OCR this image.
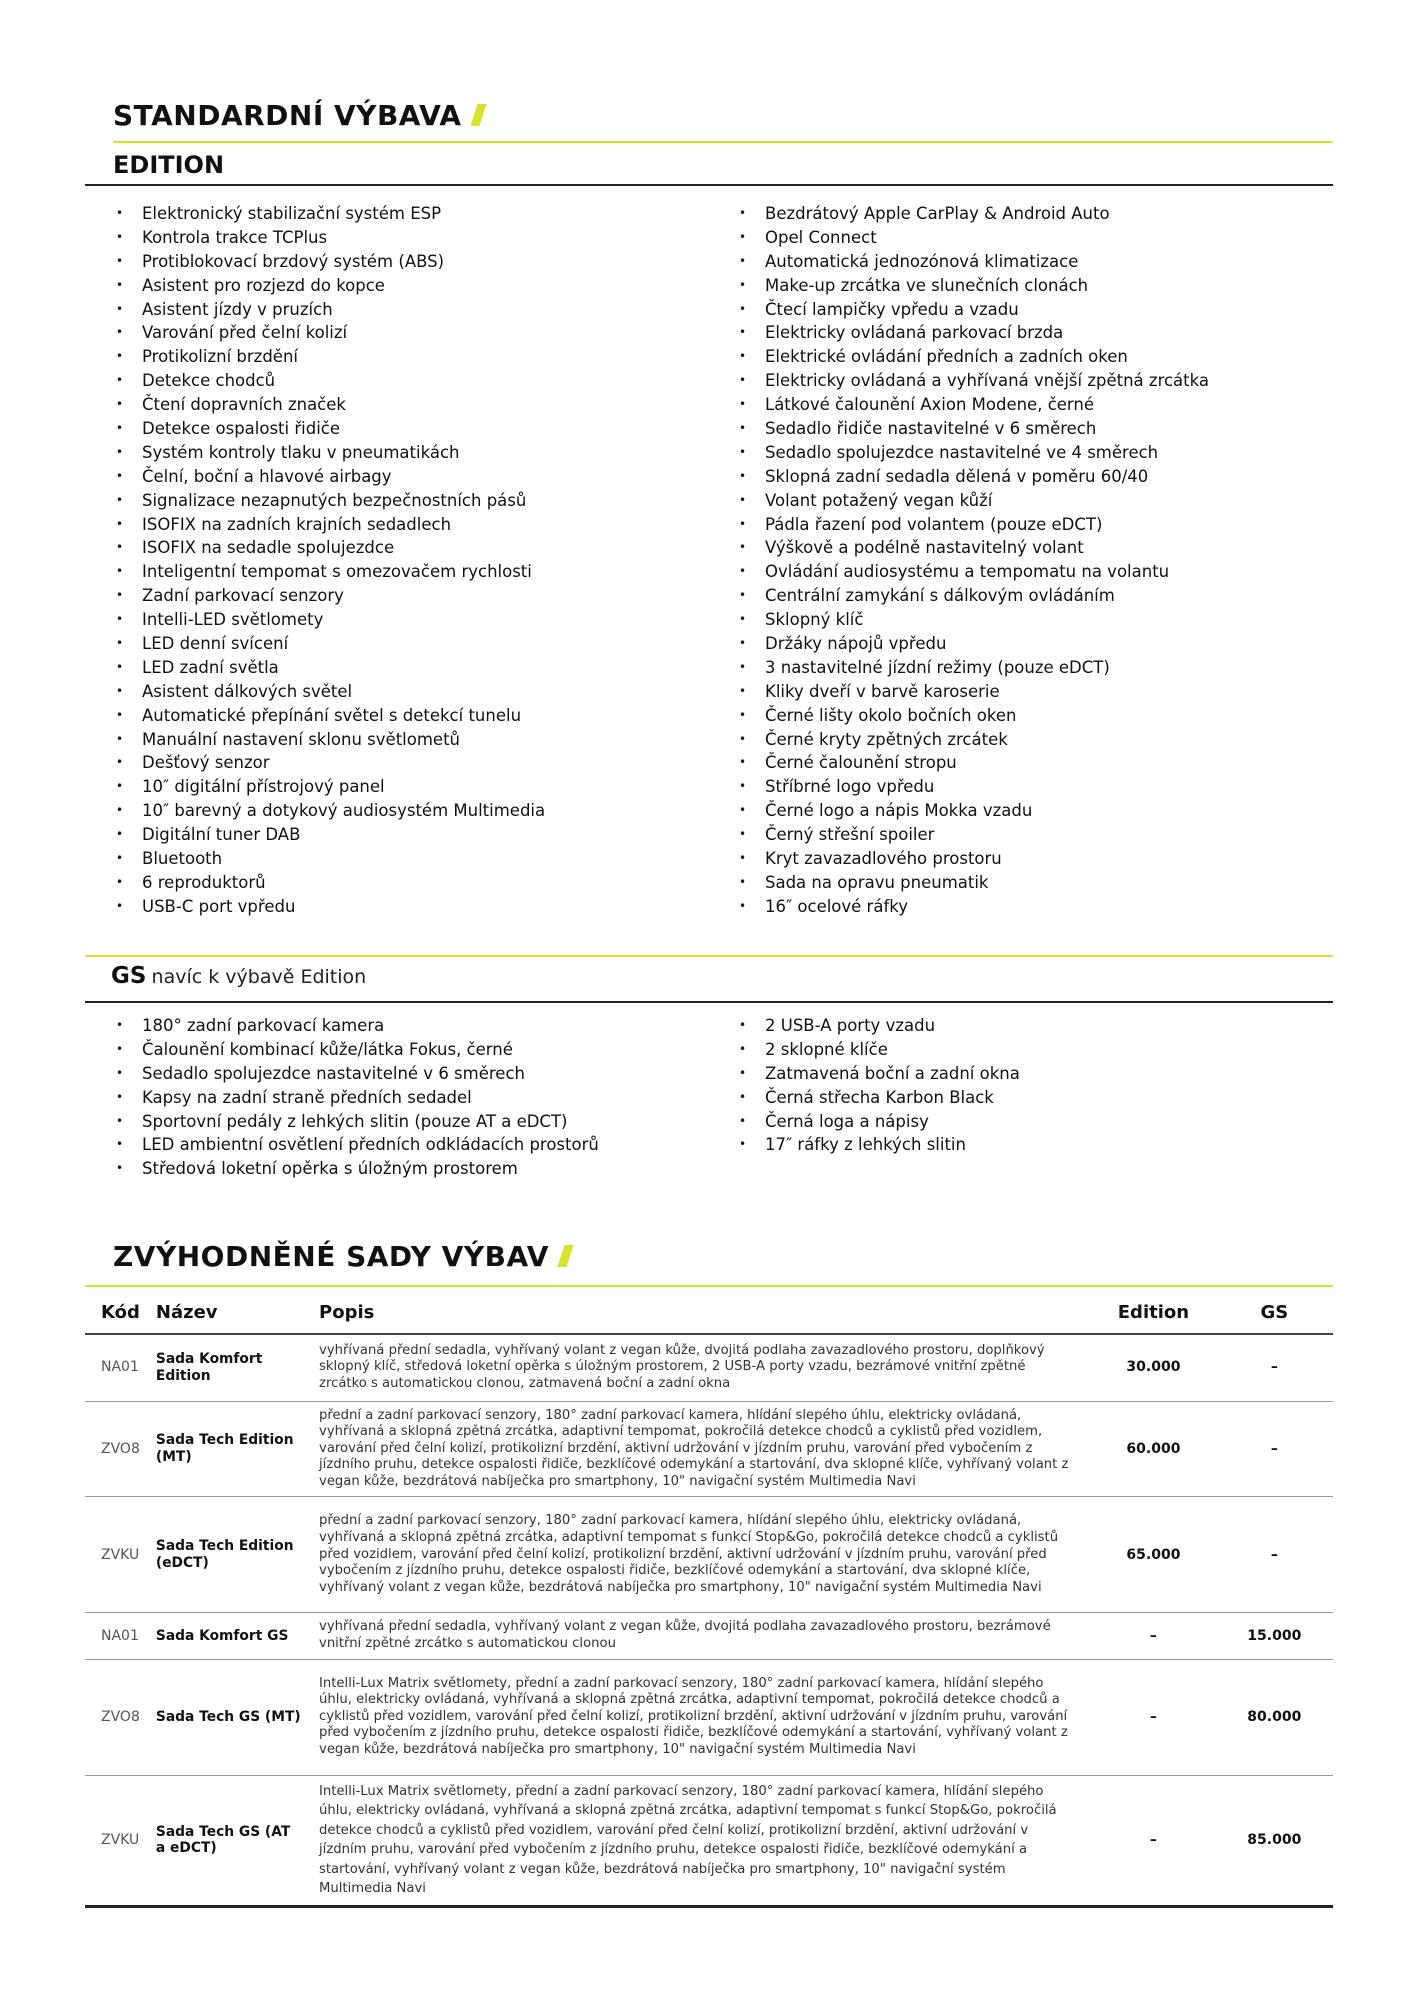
STANDARDNÍ VÝBAVA
EDITION
• Elektronický stabilizační systém ESP
• Kontrola trakce TCPlus
• Protiblokovací brzdový systém (ABS)
• Asistent pro rozjezd do kopce
• Asistent jízdy v pruzích
• Varování před čelní kolizí
• Protikolizní brzdění
• Detekce chodců
• Čtení dopravních značek
• Detekce ospalosti řidiče
• Systém kontroly tlaku v pneumatikách
• Čelní, boční a hlavové airbagy
• Signalizace nezapnutých bezpečnostních pásů
• ISOFIX na zadních krajních sedadlech
• ISOFIX na sedadle spolujezdce
• Inteligentní tempomat s omezovačem rychlosti
• Zadní parkovací senzory
• Intelli-LED světlomety
• LED denní svícení
• LED zadní světla
• Asistent dálkových světel
• Automatické přepínání světel s detekcí tunelu
• Manuální nastavení sklonu světlometů
• Dešťový senzor
• 10″ digitální přístrojový panel
• 10″ barevný a dotykový audiosystém Multimedia
• Digitální tuner DAB
• Bluetooth
• 6 reproduktorů
• USB-C port vpředu
• Bezdrátový Apple CarPlay & Android Auto
• Opel Connect
• Automatická jednozónová klimatizace
• Make-up zrcátka ve slunečních clonách
• Čtecí lampičky vpředu a vzadu
• Elektricky ovládaná parkovací brzda
• Elektrické ovládání předních a zadních oken
• Elektricky ovládaná a vyhřívaná vnější zpětná zrcátka
• Látkové čalounění Axion Modene, černé
• Sedadlo řidiče nastavitelné v 6 směrech
• Sedadlo spolujezdce nastavitelné ve 4 směrech
• Sklopná zadní sedadla dělená v poměru 60/40
• Volant potažený vegan kůží
• Pádla řazení pod volantem (pouze eDCT)
• Výškově a podélně nastavitelný volant
• Ovládání audiosystému a tempomatu na volantu
• Centrální zamykání s dálkovým ovládáním
• Sklopný klíč
• Držáky nápojů vpředu
• 3 nastavitelné jízdní režimy (pouze eDCT)
• Kliky dveří v barvě karoserie
• Černé lišty okolo bočních oken
• Černé kryty zpětných zrcátek
• Černé čalounění stropu
• Stříbrné logo vpředu
• Černé logo a nápis Mokka vzadu
• Černý střešní spoiler
• Kryt zavazadlového prostoru
• Sada na opravu pneumatik
• 16″ ocelové ráfky
GS navíc k výbavě Edition
• 180° zadní parkovací kamera
• Čalounění kombinací kůže/látka Fokus, černé
• Sedadlo spolujezdce nastavitelné v 6 směrech
• Kapsy na zadní straně předních sedadel
• Sportovní pedály z lehkých slitin (pouze AT a eDCT)
• LED ambientní osvětlení předních odkládacích prostorů
• Středová loketní opěrka s úložným prostorem
• 2 USB-A porty vzadu
• 2 sklopné klíče
• Zatmavená boční a zadní okna
• Černá střecha Karbon Black
• Černá loga a nápisy
• 17″ ráfky z lehkých slitin
ZVÝHODNĚNÉ SADY VÝBAV
Kód	Název	Popis	Edition	GS
NA01	Sada Komfort Edition	vyhřívaná přední sedadla, vyhřívaný volant z vegan kůže, dvojitá podlaha zavazadlového prostoru, doplňkový sklopný klíč, středová loketní opěrka s úložným prostorem, 2 USB-A porty vzadu, bezrámové vnitřní zpětné zrcátko s automatickou clonou, zatmavená boční a zadní okna	30.000	–
ZVO8	Sada Tech Edition (MT)	přední a zadní parkovací senzory, 180° zadní parkovací kamera, hlídání slepého úhlu, elektricky ovládaná, vyhřívaná a sklopná zpětná zrcátka, adaptivní tempomat, pokročilá detekce chodců a cyklistů před vozidlem, varování před čelní kolizí, protikolizní brzdění, aktivní udržování v jízdním pruhu, varování před vybočením z jízdního pruhu, detekce ospalosti řidiče, bezklíčové odemykání a startování, dva sklopné klíče, vyhřívaný volant z vegan kůže, bezdrátová nabíječka pro smartphony, 10" navigační systém Multimedia Navi	60.000	–
ZVKU	Sada Tech Edition (eDCT)	přední a zadní parkovací senzory, 180° zadní parkovací kamera, hlídání slepého úhlu, elektricky ovládaná, vyhřívaná a sklopná zpětná zrcátka, adaptivní tempomat s funkcí Stop&Go, pokročilá detekce chodců a cyklistů před vozidlem, varování před čelní kolizí, protikolizní brzdění, aktivní udržování v jízdním pruhu, varování před vybočením z jízdního pruhu, detekce ospalosti řidiče, bezklíčové odemykání a startování, dva sklopné klíče, vyhřívaný volant z vegan kůže, bezdrátová nabíječka pro smartphony, 10" navigační systém Multimedia Navi	65.000	–
NA01	Sada Komfort GS	vyhřívaná přední sedadla, vyhřívaný volant z vegan kůže, dvojitá podlaha zavazadlového prostoru, bezrámové vnitřní zpětné zrcátko s automatickou clonou	–	15.000
ZVO8	Sada Tech GS (MT)	Intelli-Lux Matrix světlomety, přední a zadní parkovací senzory, 180° zadní parkovací kamera, hlídání slepého úhlu, elektricky ovládaná, vyhřívaná a sklopná zpětná zrcátka, adaptivní tempomat, pokročilá detekce chodců a cyklistů před vozidlem, varování před čelní kolizí, protikolizní brzdění, aktivní udržování v jízdním pruhu, varování před vybočením z jízdního pruhu, detekce ospalosti řidiče, bezklíčové odemykání a startování, vyhřívaný volant z vegan kůže, bezdrátová nabíječka pro smartphony, 10" navigační systém Multimedia Navi	–	80.000
ZVKU	Sada Tech GS (AT a eDCT)	Intelli-Lux Matrix světlomety, přední a zadní parkovací senzory, 180° zadní parkovací kamera, hlídání slepého úhlu, elektricky ovládaná, vyhřívaná a sklopná zpětná zrcátka, adaptivní tempomat s funkcí Stop&Go, pokročilá detekce chodců a cyklistů před vozidlem, varování před čelní kolizí, protikolizní brzdění, aktivní udržování v jízdním pruhu, varování před vybočením z jízdního pruhu, detekce ospalosti řidiče, bezklíčové odemykání a startování, vyhřívaný volant z vegan kůže, bezdrátová nabíječka pro smartphony, 10" navigační systém Multimedia Navi	–	85.000
